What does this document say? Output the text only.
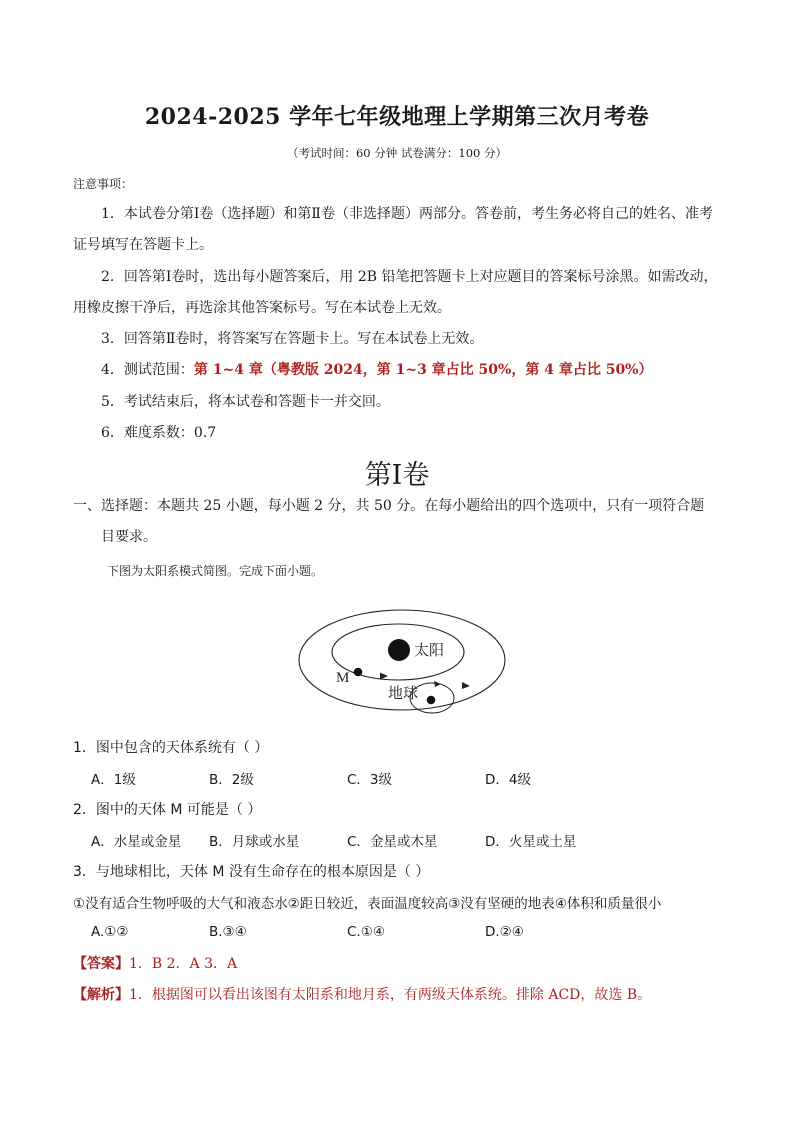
2024-2025 学年七年级地理上学期第三次月考卷
（考试时间：60 分钟 试卷满分：100 分）
注意事项：
1．本试卷分第Ⅰ卷（选择题）和第Ⅱ卷（非选择题）两部分。答卷前，考生务必将自己的姓名、准考
证号填写在答题卡上。
2．回答第Ⅰ卷时，选出每小题答案后，用 2B 铅笔把答题卡上对应题目的答案标号涂黑。如需改动，
用橡皮擦干净后，再选涂其他答案标号。写在本试卷上无效。
3．回答第Ⅱ卷时，将答案写在答题卡上。写在本试卷上无效。
4．测试范围：第 1~4 章（粤教版 2024，第 1~3 章占比 50%，第 4 章占比 50%）
5．考试结束后，将本试卷和答题卡一并交回。
6．难度系数：0.7
第Ⅰ卷
一、选择题：本题共 25 小题，每小题 2 分，共 50 分。在每小题给出的四个选项中，只有一项符合题
目要求。
下图为太阳系模式简图。完成下面小题。
太阳
M
地球
1．图中包含的天体系统有（ ）
A．1级	B．2级	C．3级	D．4级
2．图中的天体 M 可能是（ ）
A．水星或金星 B．月球或水星	C．金星或木星	D．火星或土星
3．与地球相比，天体 M 没有生命存在的根本原因是（ ）
①没有适合生物呼吸的大气和液态水②距日较近，表面温度较高③没有坚硬的地表④体积和质量很小
A.①②	B.③④	C.①④	D.②④
【答案】1．B 2．A 3．A
【解析】1．根据图可以看出该图有太阳系和地月系，有两级天体系统。排除 ACD，故选 B。
